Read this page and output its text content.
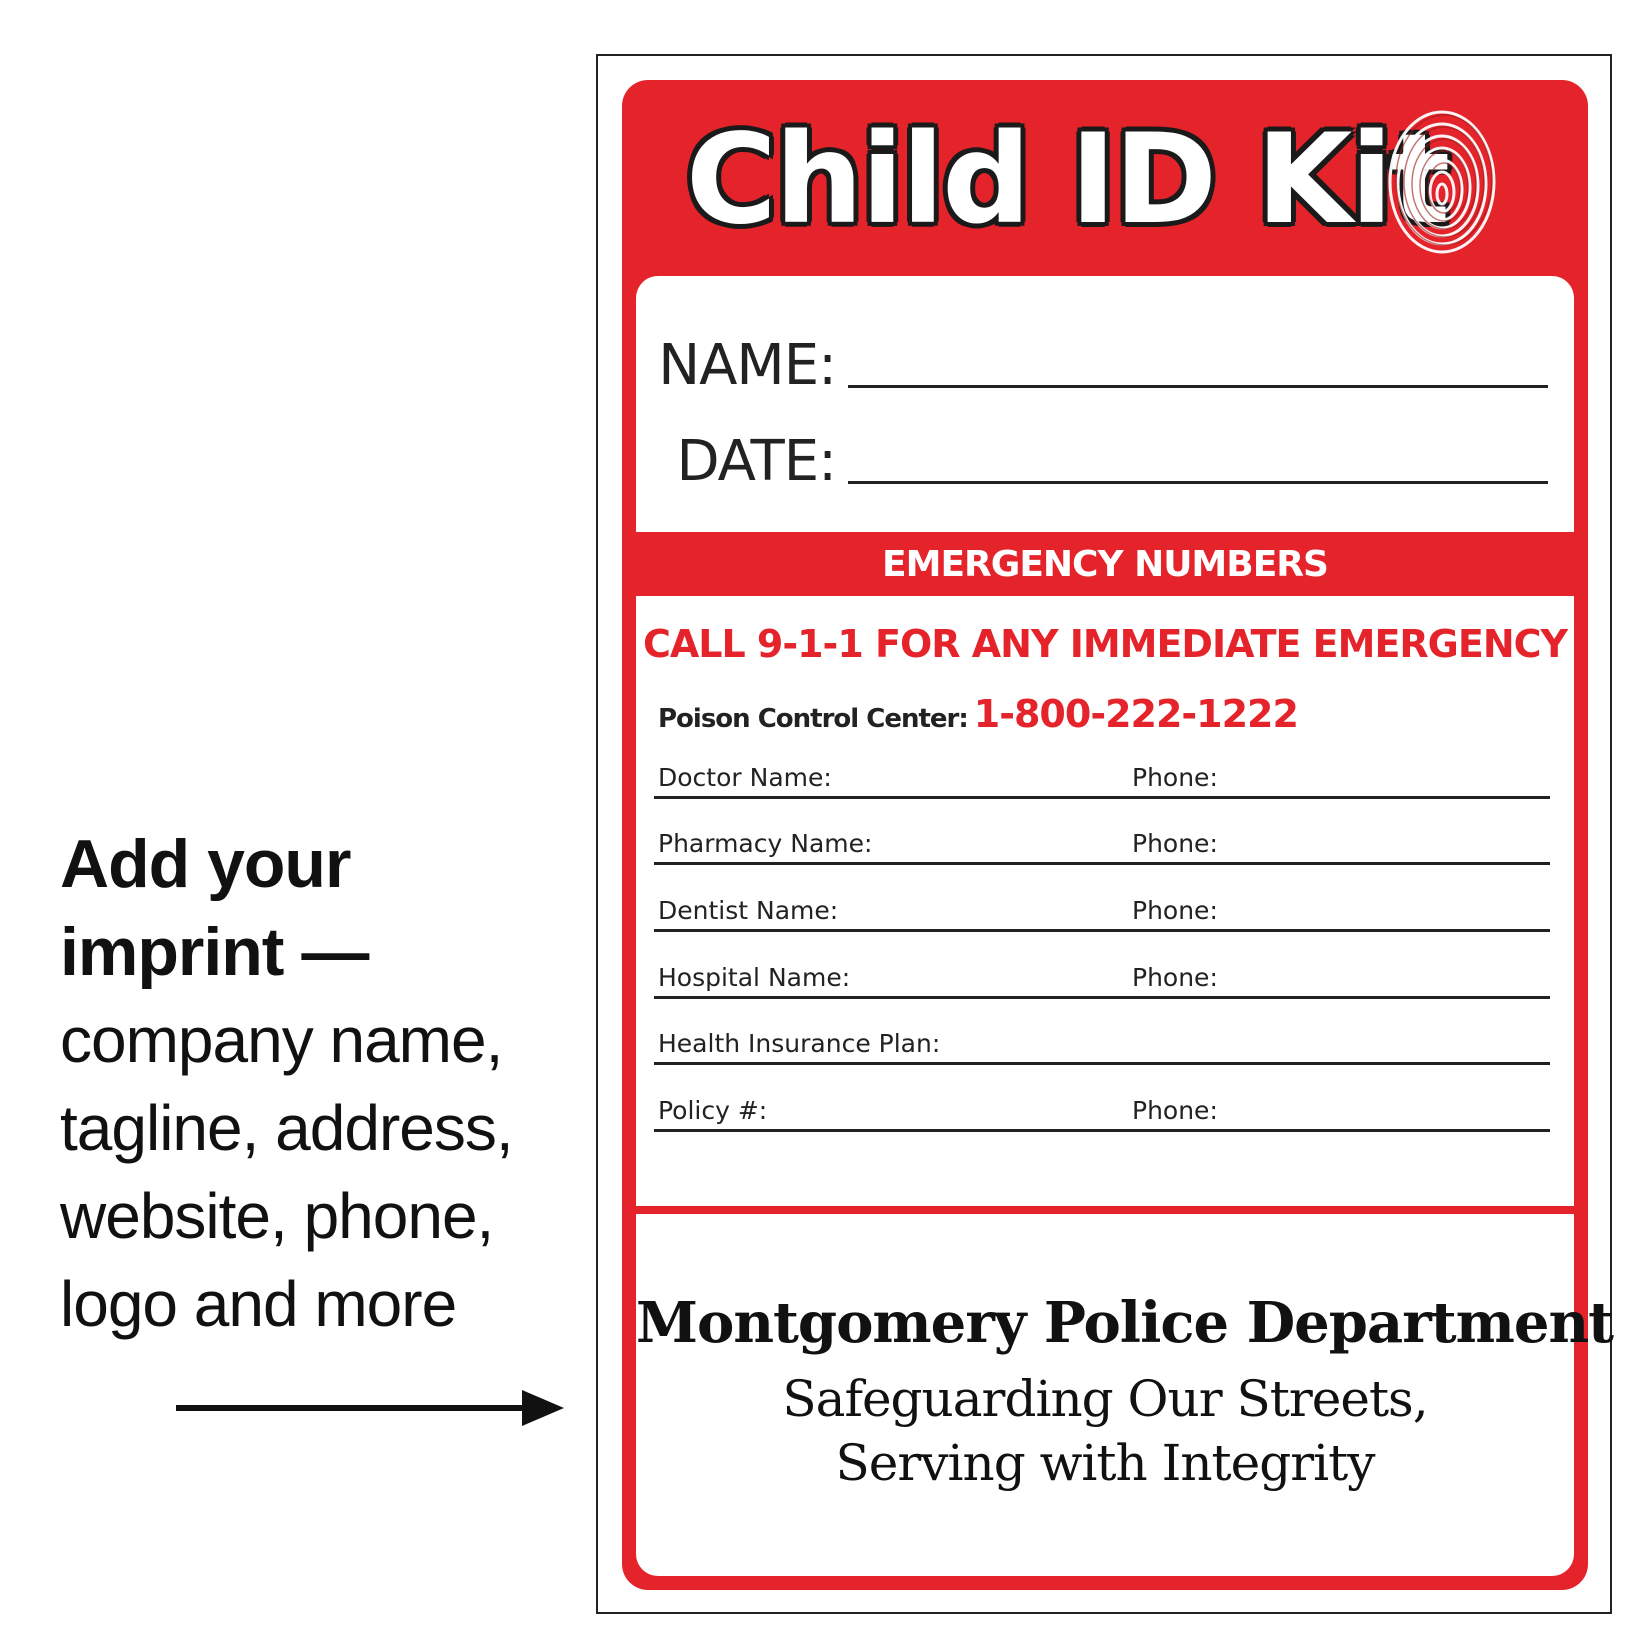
Add your
imprint —
company name,
tagline, address,
website, phone,
logo and more
Child ID Kit
NAME:
DATE:
EMERGENCY NUMBERS
CALL 9-1-1 FOR ANY IMMEDIATE EMERGENCY
Poison Control Center: 1-800-222-1222
Doctor Name:	Phone:
Pharmacy Name:	Phone:
Dentist Name:	Phone:
Hospital Name:	Phone:
Health Insurance Plan:
Policy #:	Phone:
Montgomery Police Department
Safeguarding Our Streets,
Serving with Integrity
